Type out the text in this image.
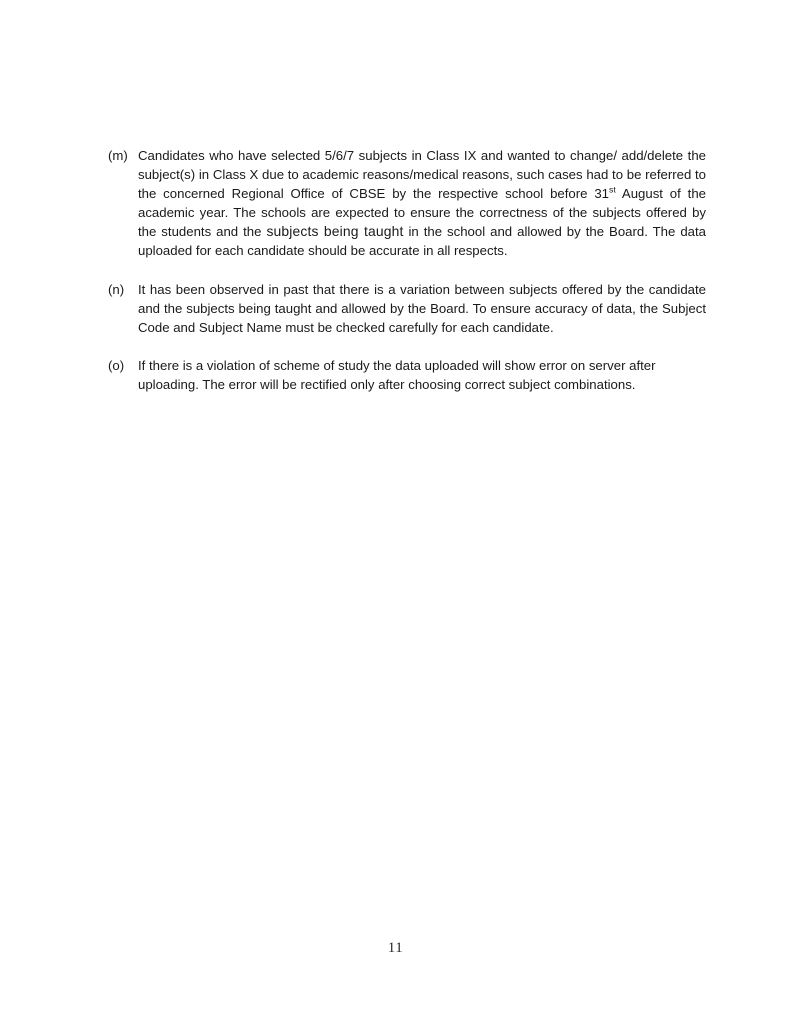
(m) Candidates who have selected 5/6/7 subjects in Class IX and wanted to change/ add/delete the subject(s) in Class X due to academic reasons/medical reasons, such cases had to be referred to the concerned Regional Office of CBSE by the respective school before 31st August of the academic year. The schools are expected to ensure the correctness of the subjects offered by the students and the subjects being taught in the school and allowed by the Board. The data uploaded for each candidate should be accurate in all respects.

(n)	It has been observed in past that there is a variation between subjects offered by the candidate and the subjects being taught and allowed by the Board. To ensure accuracy of data, the Subject Code and Subject Name must be checked carefully for each candidate.

(o)	If there is a violation of scheme of study the data uploaded will show error on server after uploading. The error will be rectified only after choosing correct subject combinations.

11
